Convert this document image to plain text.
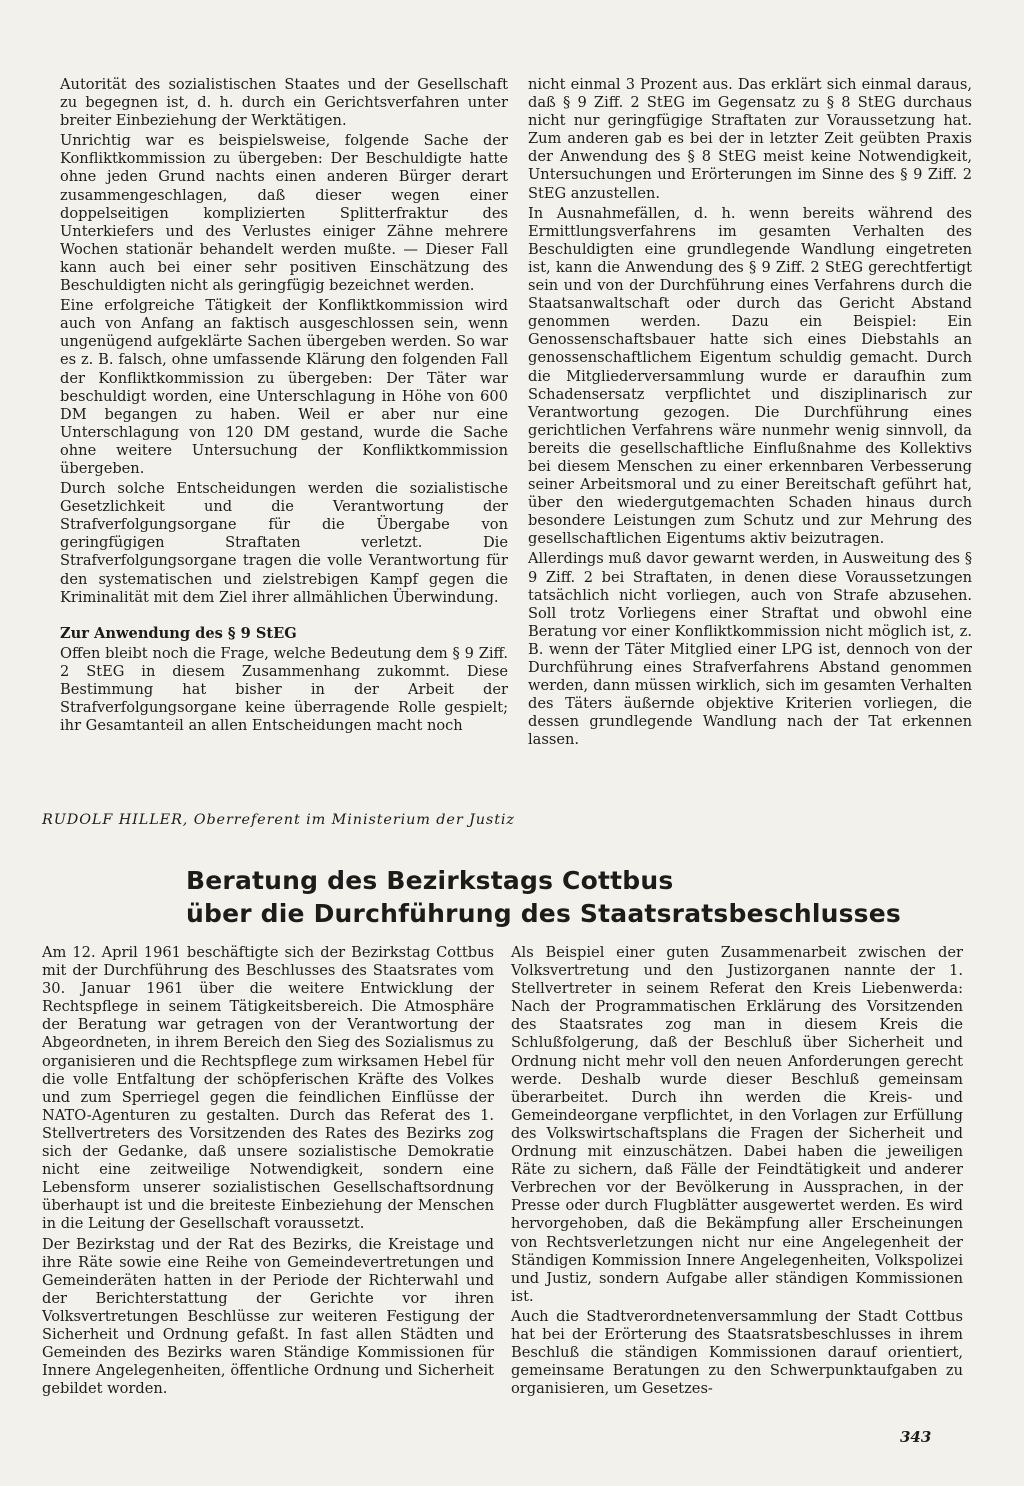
Autorität des sozialistischen Staates und der Gesellschaft zu begegnen ist, d. h. durch ein Gerichtsverfahren unter breiter Einbeziehung der Werktätigen.

Unrichtig war es beispielsweise, folgende Sache der Konfliktkommission zu übergeben: Der Beschuldigte hatte ohne jeden Grund nachts einen anderen Bürger derart zusammengeschlagen, daß dieser wegen einer doppelseitigen komplizierten Splitterfraktur des Unterkiefers und des Verlustes einiger Zähne mehrere Wochen stationär behandelt werden mußte. — Dieser Fall kann auch bei einer sehr positiven Einschätzung des Beschuldigten nicht als geringfügig bezeichnet werden.

Eine erfolgreiche Tätigkeit der Konfliktkommission wird auch von Anfang an faktisch ausgeschlossen sein, wenn ungenügend aufgeklärte Sachen übergeben werden. So war es z. B. falsch, ohne umfassende Klärung den folgenden Fall der Konfliktkommission zu übergeben: Der Täter war beschuldigt worden, eine Unterschlagung in Höhe von 600 DM begangen zu haben. Weil er aber nur eine Unterschlagung von 120 DM gestand, wurde die Sache ohne weitere Untersuchung der Konfliktkommission übergeben.

Durch solche Entscheidungen werden die sozialistische Gesetzlichkeit und die Verantwortung der Strafverfolgungsorgane für die Übergabe von geringfügigen Straftaten verletzt. Die Strafverfolgungsorgane tragen die volle Verantwortung für den systematischen und zielstrebigen Kampf gegen die Kriminalität mit dem Ziel ihrer allmählichen Überwindung.

Zur Anwendung des § 9 StEG

Offen bleibt noch die Frage, welche Bedeutung dem § 9 Ziff. 2 StEG in diesem Zusammenhang zukommt. Diese Bestimmung hat bisher in der Arbeit der Strafverfolgungsorgane keine überragende Rolle gespielt; ihr Gesamtanteil an allen Entscheidungen macht noch

nicht einmal 3 Prozent aus. Das erklärt sich einmal daraus, daß § 9 Ziff. 2 StEG im Gegensatz zu § 8 StEG durchaus nicht nur geringfügige Straftaten zur Voraussetzung hat. Zum anderen gab es bei der in letzter Zeit geübten Praxis der Anwendung des § 8 StEG meist keine Notwendigkeit, Untersuchungen und Erörterungen im Sinne des § 9 Ziff. 2 StEG anzustellen.

In Ausnahmefällen, d. h. wenn bereits während des Ermittlungsverfahrens im gesamten Verhalten des Beschuldigten eine grundlegende Wandlung eingetreten ist, kann die Anwendung des § 9 Ziff. 2 StEG gerechtfertigt sein und von der Durchführung eines Verfahrens durch die Staatsanwaltschaft oder durch das Gericht Abstand genommen werden. Dazu ein Beispiel: Ein Genossenschaftsbauer hatte sich eines Diebstahls an genossenschaftlichem Eigentum schuldig gemacht. Durch die Mitgliederversammlung wurde er daraufhin zum Schadensersatz verpflichtet und disziplinarisch zur Verantwortung gezogen. Die Durchführung eines gerichtlichen Verfahrens wäre nunmehr wenig sinnvoll, da bereits die gesellschaftliche Einflußnahme des Kollektivs bei diesem Menschen zu einer erkennbaren Verbesserung seiner Arbeitsmoral und zu einer Bereitschaft geführt hat, über den wiedergutgemachten Schaden hinaus durch besondere Leistungen zum Schutz und zur Mehrung des gesellschaftlichen Eigentums aktiv beizutragen.

Allerdings muß davor gewarnt werden, in Ausweitung des § 9 Ziff. 2 bei Straftaten, in denen diese Voraussetzungen tatsächlich nicht vorliegen, auch von Strafe abzusehen. Soll trotz Vorliegens einer Straftat und obwohl eine Beratung vor einer Konfliktkommission nicht möglich ist, z. B. wenn der Täter Mitglied einer LPG ist, dennoch von der Durchführung eines Strafverfahrens Abstand genommen werden, dann müssen wirklich, sich im gesamten Verhalten des Täters äußernde objektive Kriterien vorliegen, die dessen grundlegende Wandlung nach der Tat erkennen lassen.

RUDOLF HILLER, Oberreferent im Ministerium der Justiz
Beratung des Bezirkstags Cottbus
über die Durchführung des Staatsratsbeschlusses

Am 12. April 1961 beschäftigte sich der Bezirkstag Cottbus mit der Durchführung des Beschlusses des Staatsrates vom 30. Januar 1961 über die weitere Entwicklung der Rechtspflege in seinem Tätigkeitsbereich. Die Atmosphäre der Beratung war getragen von der Verantwortung der Abgeordneten, in ihrem Bereich den Sieg des Sozialismus zu organisieren und die Rechtspflege zum wirksamen Hebel für die volle Entfaltung der schöpferischen Kräfte des Volkes und zum Sperriegel gegen die feindlichen Einflüsse der NATO-Agenturen zu gestalten. Durch das Referat des 1. Stellvertreters des Vorsitzenden des Rates des Bezirks zog sich der Gedanke, daß unsere sozialistische Demokratie nicht eine zeitweilige Notwendigkeit, sondern eine Lebensform unserer sozialistischen Gesellschaftsordnung überhaupt ist und die breiteste Einbeziehung der Menschen in die Leitung der Gesellschaft voraussetzt.

Der Bezirkstag und der Rat des Bezirks, die Kreistage und ihre Räte sowie eine Reihe von Gemeindevertretungen und Gemeinderäten hatten in der Periode der Richterwahl und der Berichterstattung der Gerichte vor ihren Volksvertretungen Beschlüsse zur weiteren Festigung der Sicherheit und Ordnung gefaßt. In fast allen Städten und Gemeinden des Bezirks waren Ständige Kommissionen für Innere Angelegenheiten, öffentliche Ordnung und Sicherheit gebildet worden.

Als Beispiel einer guten Zusammenarbeit zwischen der Volksvertretung und den Justizorganen nannte der 1. Stellvertreter in seinem Referat den Kreis Liebenwerda: Nach der Programmatischen Erklärung des Vorsitzenden des Staatsrates zog man in diesem Kreis die Schlußfolgerung, daß der Beschluß über Sicherheit und Ordnung nicht mehr voll den neuen Anforderungen gerecht werde. Deshalb wurde dieser Beschluß gemeinsam überarbeitet. Durch ihn werden die Kreis- und Gemeindeorgane verpflichtet, in den Vorlagen zur Erfüllung des Volkswirtschaftsplans die Fragen der Sicherheit und Ordnung mit einzuschätzen. Dabei haben die jeweiligen Räte zu sichern, daß Fälle der Feindtätigkeit und anderer Verbrechen vor der Bevölkerung in Aussprachen, in der Presse oder durch Flugblätter ausgewertet werden. Es wird hervorgehoben, daß die Bekämpfung aller Erscheinungen von Rechtsverletzungen nicht nur eine Angelegenheit der Ständigen Kommission Innere Angelegenheiten, Volkspolizei und Justiz, sondern Aufgabe aller ständigen Kommissionen ist.

Auch die Stadtverordnetenversammlung der Stadt Cottbus hat bei der Erörterung des Staatsratsbeschlusses in ihrem Beschluß die ständigen Kommissionen darauf orientiert, gemeinsame Beratungen zu den Schwerpunktaufgaben zu organisieren, um Gesetzes-

343
